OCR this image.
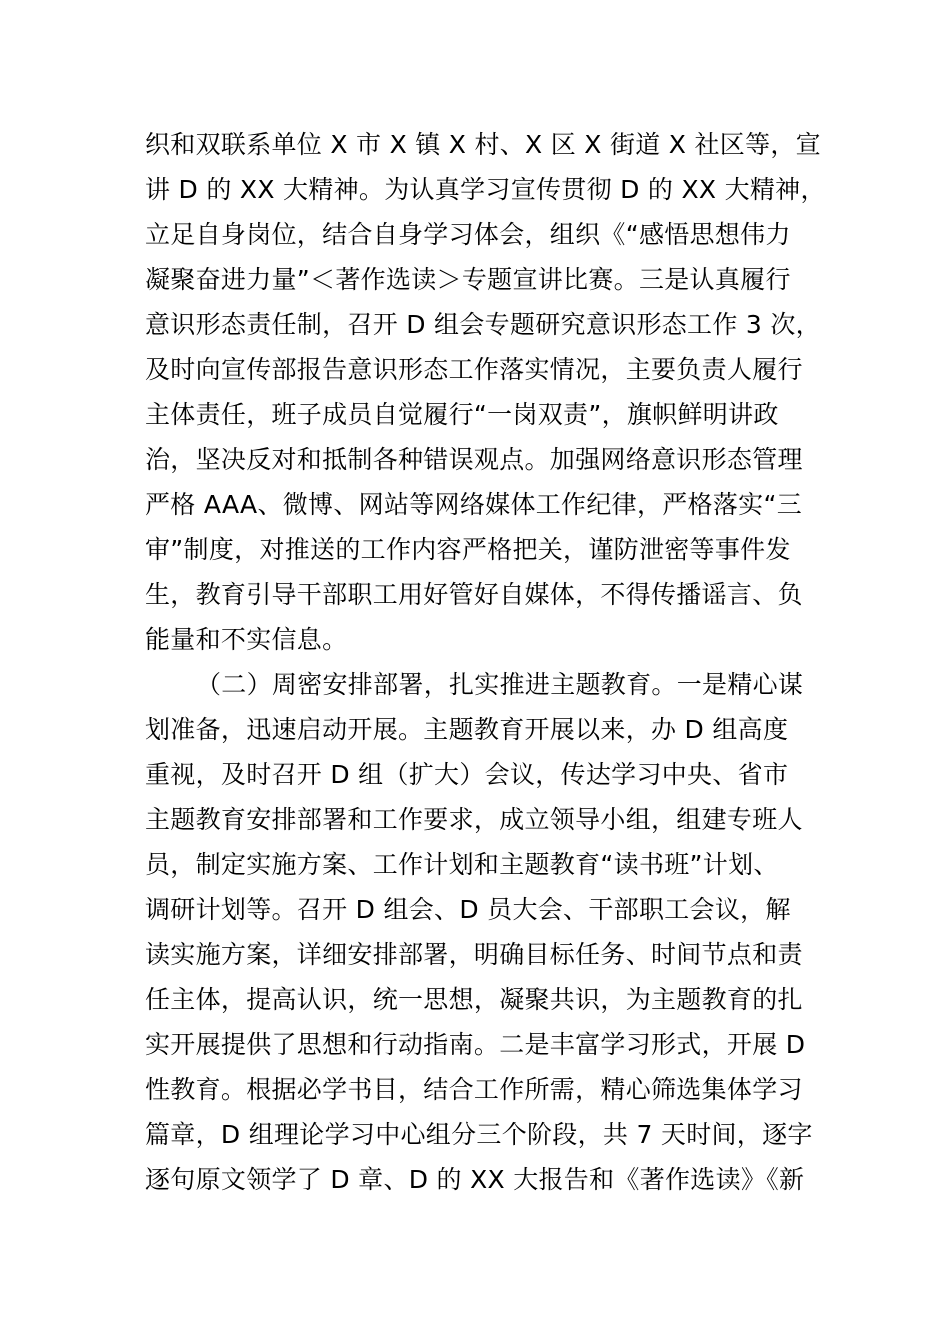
织和双联系单位 X 市 X 镇 X 村、X 区 X 街道 X 社区等，宣
讲 D 的 XX 大精神。为认真学习宣传贯彻 D 的 XX 大精神，
立足自身岗位，结合自身学习体会，组织《“感悟思想伟力
凝聚奋进力量”＜著作选读＞专题宣讲比赛。三是认真履行
意识形态责任制，召开 D 组会专题研究意识形态工作 3 次，
及时向宣传部报告意识形态工作落实情况，主要负责人履行
主体责任，班子成员自觉履行“一岗双责”，旗帜鲜明讲政
治，坚决反对和抵制各种错误观点。加强网络意识形态管理
严格 AAA、微博、网站等网络媒体工作纪律，严格落实“三
审”制度，对推送的工作内容严格把关，谨防泄密等事件发
生，教育引导干部职工用好管好自媒体，不得传播谣言、负
能量和不实信息。
（二）周密安排部署，扎实推进主题教育。一是精心谋
划准备，迅速启动开展。主题教育开展以来，办 D 组高度
重视，及时召开 D 组（扩大）会议，传达学习中央、省市
主题教育安排部署和工作要求，成立领导小组，组建专班人
员，制定实施方案、工作计划和主题教育“读书班”计划、
调研计划等。召开 D 组会、D 员大会、干部职工会议，解
读实施方案，详细安排部署，明确目标任务、时间节点和责
任主体，提高认识，统一思想，凝聚共识，为主题教育的扎
实开展提供了思想和行动指南。二是丰富学习形式，开展 D
性教育。根据必学书目，结合工作所需，精心筛选集体学习
篇章，D 组理论学习中心组分三个阶段，共 7 天时间，逐字
逐句原文领学了 D 章、D 的 XX 大报告和《著作选读》《新
